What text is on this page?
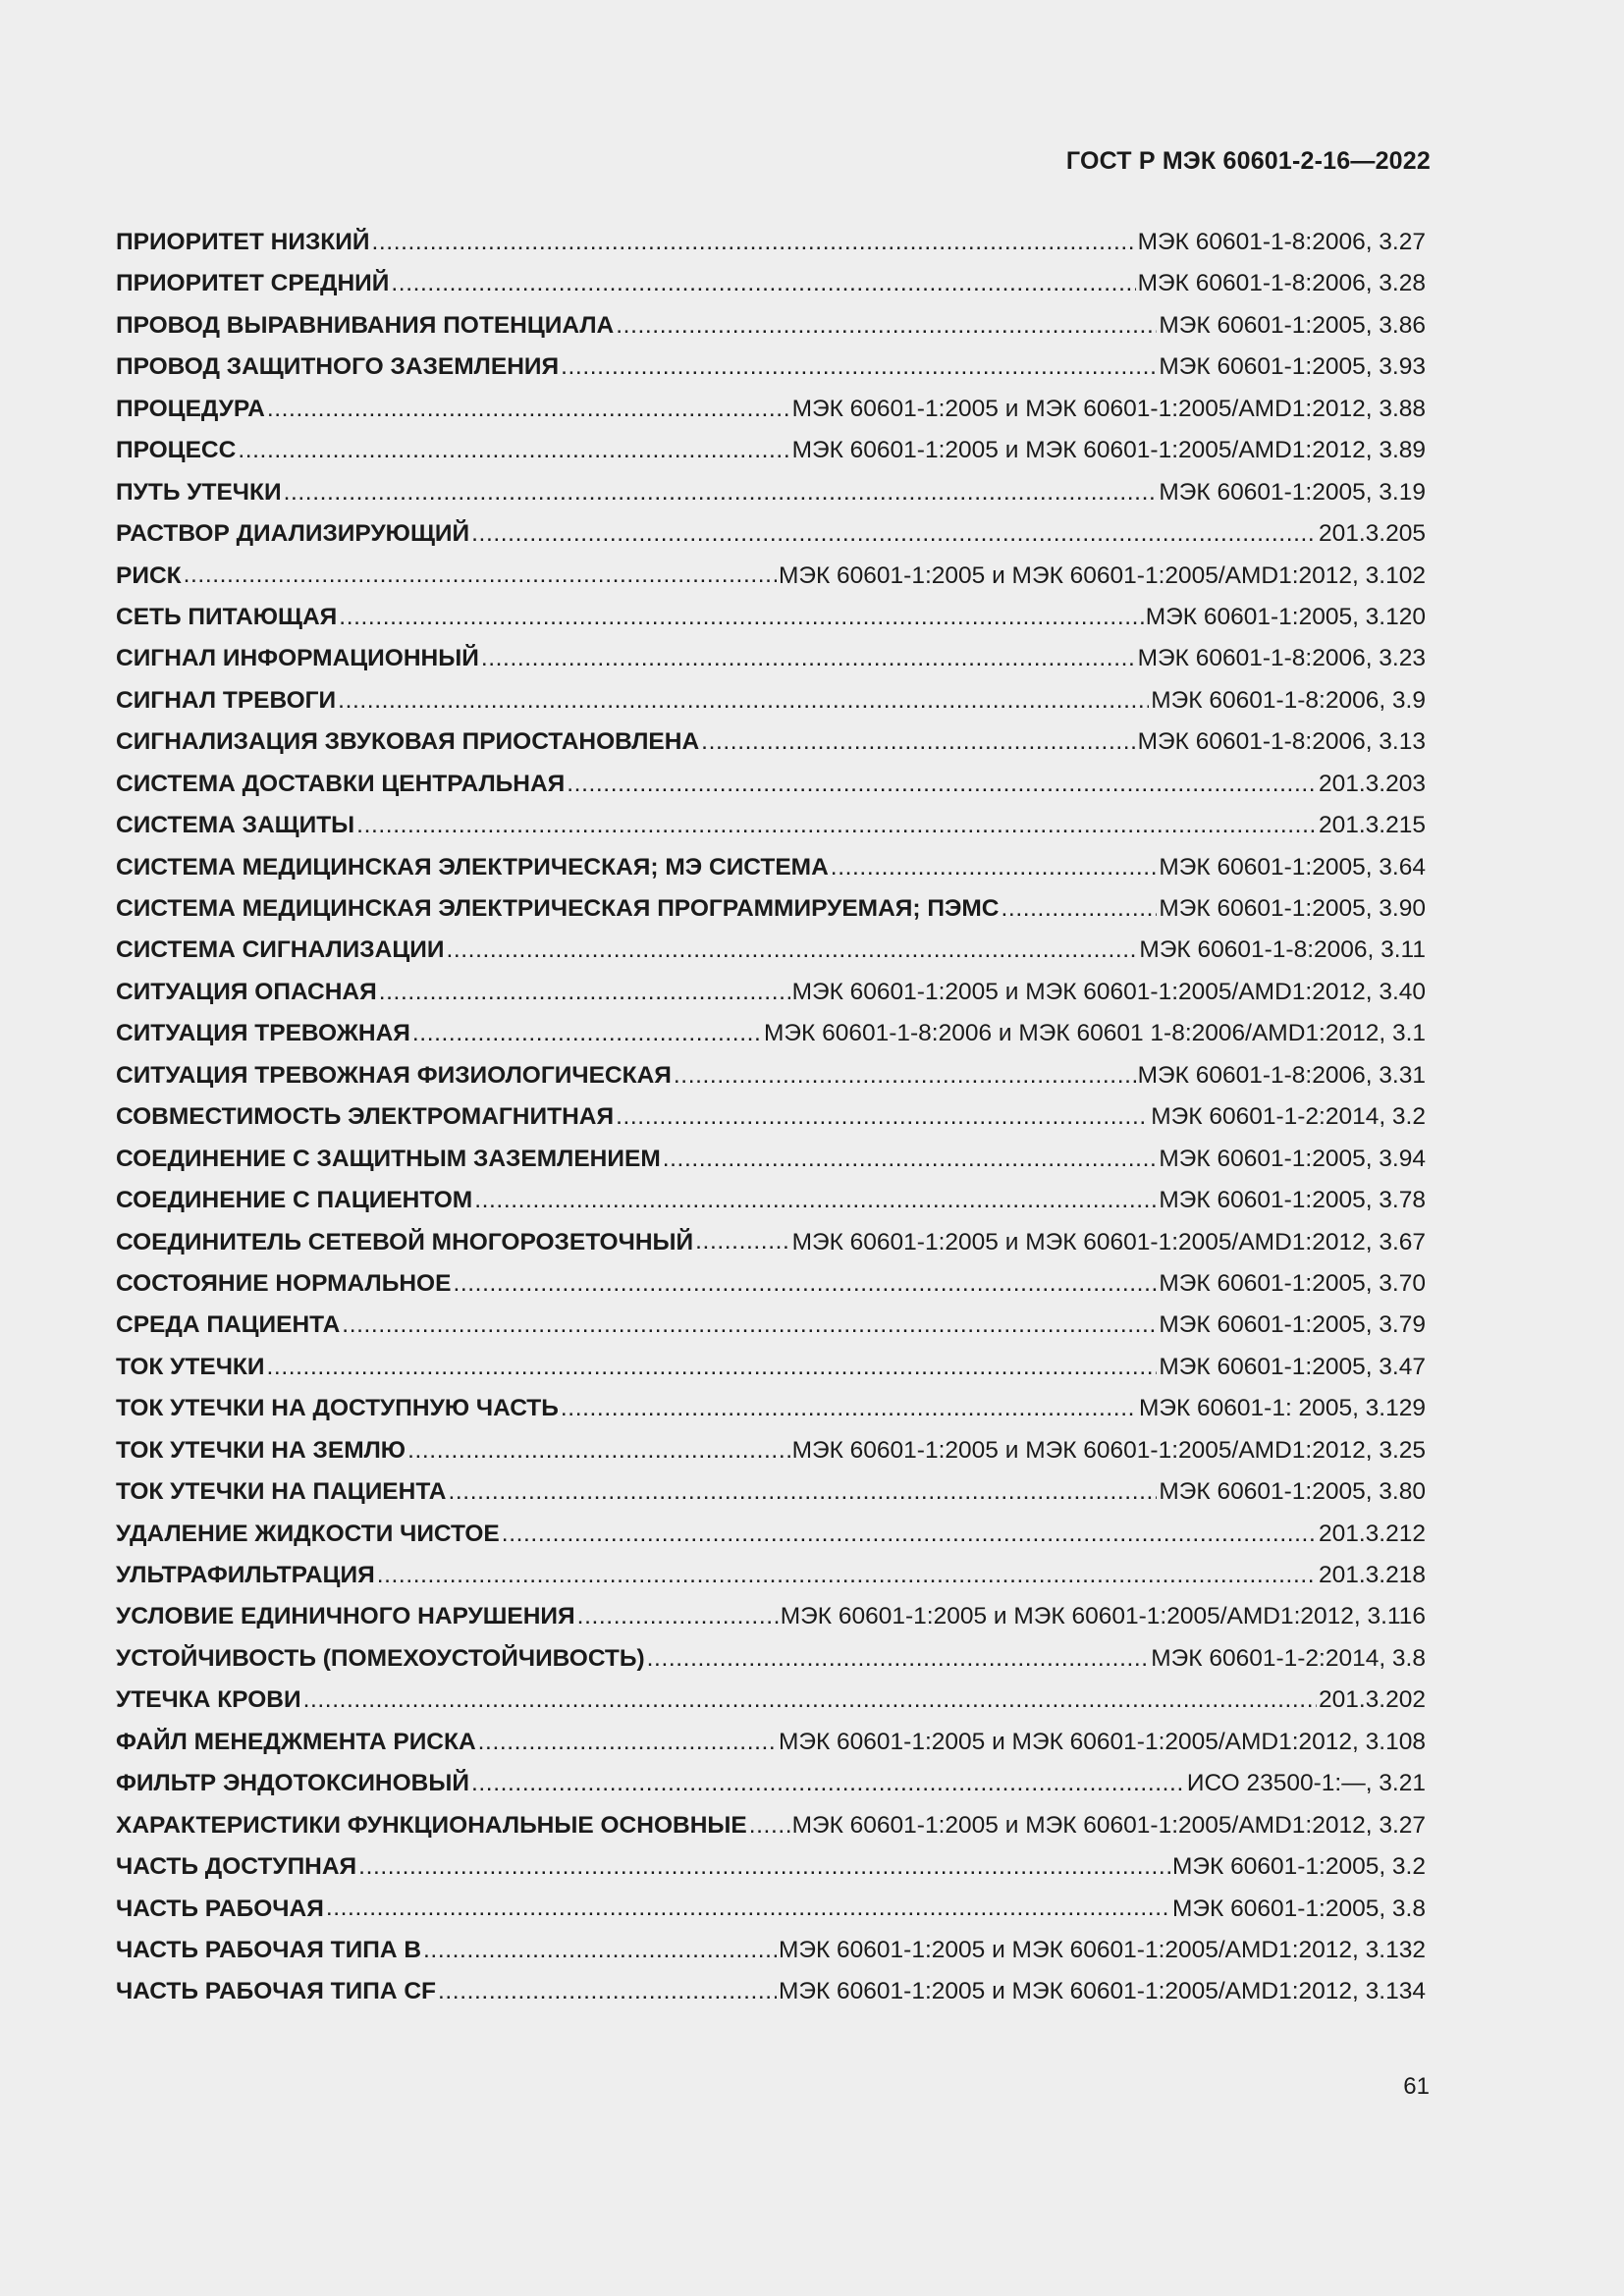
ГОСТ Р МЭК 60601-2-16—2022
ПРИОРИТЕТ НИЗКИЙ .....	МЭК 60601-1-8:2006, 3.27
ПРИОРИТЕТ СРЕДНИЙ .....	МЭК 60601-1-8:2006, 3.28
ПРОВОД ВЫРАВНИВАНИЯ ПОТЕНЦИАЛА .....	МЭК 60601-1:2005, 3.86
ПРОВОД ЗАЩИТНОГО ЗАЗЕМЛЕНИЯ .....	МЭК 60601-1:2005, 3.93
ПРОЦЕДУРА .....	МЭК 60601-1:2005 и МЭК 60601-1:2005/AMD1:2012, 3.88
ПРОЦЕСС .....	МЭК 60601-1:2005 и МЭК 60601-1:2005/AMD1:2012, 3.89
ПУТЬ УТЕЧКИ .....	МЭК 60601-1:2005, 3.19
РАСТВОР ДИАЛИЗИРУЮЩИЙ .....	201.3.205
РИСК .....	МЭК 60601-1:2005 и МЭК 60601-1:2005/AMD1:2012, 3.102
СЕТЬ ПИТАЮЩАЯ .....	МЭК 60601-1:2005, 3.120
СИГНАЛ ИНФОРМАЦИОННЫЙ .....	МЭК 60601-1-8:2006, 3.23
СИГНАЛ ТРЕВОГИ .....	МЭК 60601-1-8:2006, 3.9
СИГНАЛИЗАЦИЯ ЗВУКОВАЯ ПРИОСТАНОВЛЕНА .....	МЭК 60601-1-8:2006, 3.13
СИСТЕМА ДОСТАВКИ ЦЕНТРАЛЬНАЯ .....	201.3.203
СИСТЕМА ЗАЩИТЫ .....	201.3.215
СИСТЕМА МЕДИЦИНСКАЯ ЭЛЕКТРИЧЕСКАЯ; МЭ СИСТЕМА .....	МЭК 60601-1:2005, 3.64
СИСТЕМА МЕДИЦИНСКАЯ ЭЛЕКТРИЧЕСКАЯ ПРОГРАММИРУЕМАЯ; ПЭМС .....	МЭК 60601-1:2005, 3.90
СИСТЕМА СИГНАЛИЗАЦИИ .....	МЭК 60601-1-8:2006, 3.11
СИТУАЦИЯ ОПАСНАЯ .....	МЭК 60601-1:2005 и МЭК 60601-1:2005/AMD1:2012, 3.40
СИТУАЦИЯ ТРЕВОЖНАЯ .....	МЭК 60601-1-8:2006 и МЭК 60601 1-8:2006/AMD1:2012, 3.1
СИТУАЦИЯ ТРЕВОЖНАЯ ФИЗИОЛОГИЧЕСКАЯ .....	МЭК 60601-1-8:2006, 3.31
СОВМЕСТИМОСТЬ ЭЛЕКТРОМАГНИТНАЯ .....	МЭК 60601-1-2:2014, 3.2
СОЕДИНЕНИЕ С ЗАЩИТНЫМ ЗАЗЕМЛЕНИЕМ .....	МЭК 60601-1:2005, 3.94
СОЕДИНЕНИЕ С ПАЦИЕНТОМ .....	МЭК 60601-1:2005, 3.78
СОЕДИНИТЕЛЬ СЕТЕВОЙ МНОГОРОЗЕТОЧНЫЙ .....	МЭК 60601-1:2005 и МЭК 60601-1:2005/AMD1:2012, 3.67
СОСТОЯНИЕ НОРМАЛЬНОЕ .....	МЭК 60601-1:2005, 3.70
СРЕДА ПАЦИЕНТА .....	МЭК 60601-1:2005, 3.79
ТОК УТЕЧКИ .....	МЭК 60601-1:2005, 3.47
ТОК УТЕЧКИ НА ДОСТУПНУЮ ЧАСТЬ .....	МЭК 60601-1: 2005, 3.129
ТОК УТЕЧКИ НА ЗЕМЛЮ .....	МЭК 60601-1:2005 и МЭК 60601-1:2005/AMD1:2012, 3.25
ТОК УТЕЧКИ НА ПАЦИЕНТА .....	МЭК 60601-1:2005, 3.80
УДАЛЕНИЕ ЖИДКОСТИ ЧИСТОЕ .....	201.3.212
УЛЬТРАФИЛЬТРАЦИЯ .....	201.3.218
УСЛОВИЕ ЕДИНИЧНОГО НАРУШЕНИЯ .....	МЭК 60601-1:2005 и МЭК 60601-1:2005/AMD1:2012, 3.116
УСТОЙЧИВОСТЬ (ПОМЕХОУСТОЙЧИВОСТЬ) .....	МЭК 60601-1-2:2014, 3.8
УТЕЧКА КРОВИ .....	201.3.202
ФАЙЛ МЕНЕДЖМЕНТА РИСКА .....	МЭК 60601-1:2005 и МЭК 60601-1:2005/AMD1:2012, 3.108
ФИЛЬТР ЭНДОТОКСИНОВЫЙ .....	ИСО 23500-1:—, 3.21
ХАРАКТЕРИСТИКИ ФУНКЦИОНАЛЬНЫЕ ОСНОВНЫЕ ..... МЭК 60601-1:2005 и МЭК 60601-1:2005/AMD1:2012, 3.27
ЧАСТЬ ДОСТУПНАЯ .....	МЭК 60601-1:2005, 3.2
ЧАСТЬ РАБОЧАЯ .....	МЭК 60601-1:2005, 3.8
ЧАСТЬ РАБОЧАЯ ТИПА В .....	МЭК 60601-1:2005 и МЭК 60601-1:2005/AMD1:2012, 3.132
ЧАСТЬ РАБОЧАЯ ТИПА CF .....	МЭК 60601-1:2005 и МЭК 60601-1:2005/AMD1:2012, 3.134
61
